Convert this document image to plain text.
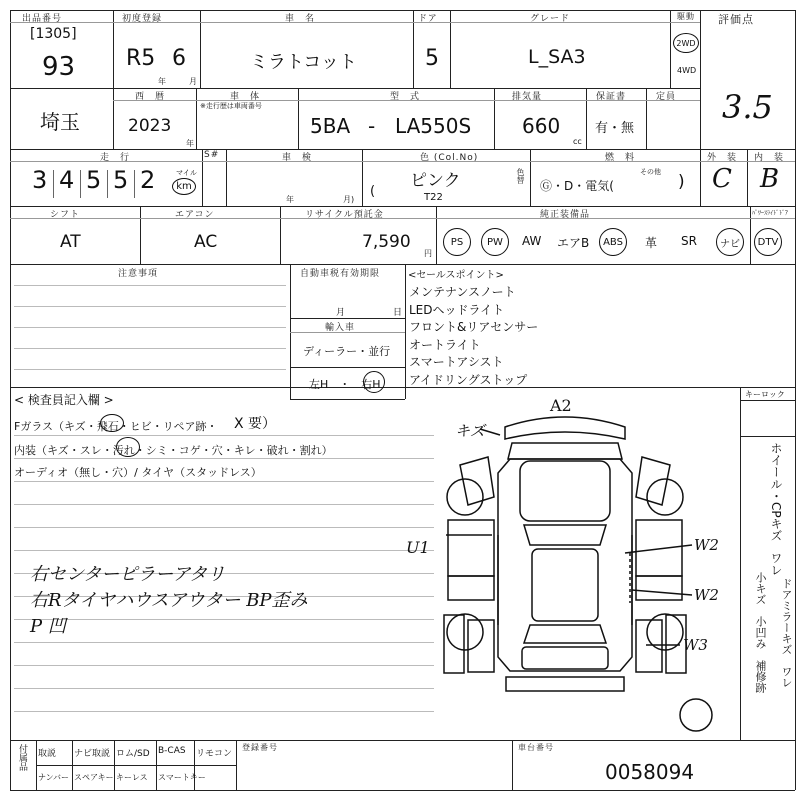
出品番号
[1305]
93
初度登録
R5 6
年	月
車　名
ミラトコット
ドア
5
グレード
L_SA3
駆動
2WD
4WD
評価点
3.5
埼玉
西　暦
2023
年
車　体
※走行歴は車両番号
型　式
5BA - LA550S
排気量
660
cc
保証書
有・無
定員
走　行
3 4 5 5 2	マイル
km
S#	車　検
年	月)
色 (Col.No)
ピンク
(	T22
色替
燃　料
その他
Ⓖ・D・電気(	)
外　装
C
内　装
B
シフト
AT
エアコン
AC
リサイクル預託金
7,590
円
純正装備品	ﾊﾟﾜｰｽﾗｲﾄﾞﾄﾞｱ
PS	PW	AW エアB	ABS	革 SR	ナビ	DTV
注意事項	自動車税有効期限
月	日
輸入車
ディーラー・並行
左H　・　右H
<セールスポイント>
メンテナンスノート
LEDヘッドライト
フロント&リアセンサー
オートライト
スマートアシスト
アイドリングストップ
< 検査員記入欄 >
Fガラス（キズ・飛石・ヒビ・リペア跡・ X 要）
内装（キズ・スレ・汚れ・シミ・コゲ・穴・キレ・破れ・割れ）
オーディオ（無し・穴）/ タイヤ（スタッドレス）
右センターピラーアタリ
右Rタイヤハウスアウター BP歪み
P 凹
A2
キズ
U1	W2
W2
W3
キーロック
ホイール・CPキズ
ワレ
小キズ　小凹み　補修跡 ドアミラーキズ　ワレ
付属品 取説 ナビ取説 ロム/SD B-CAS リモコン
ナンバー スペアキー キーレス スマートキー
登録番号	車台番号
0058094
